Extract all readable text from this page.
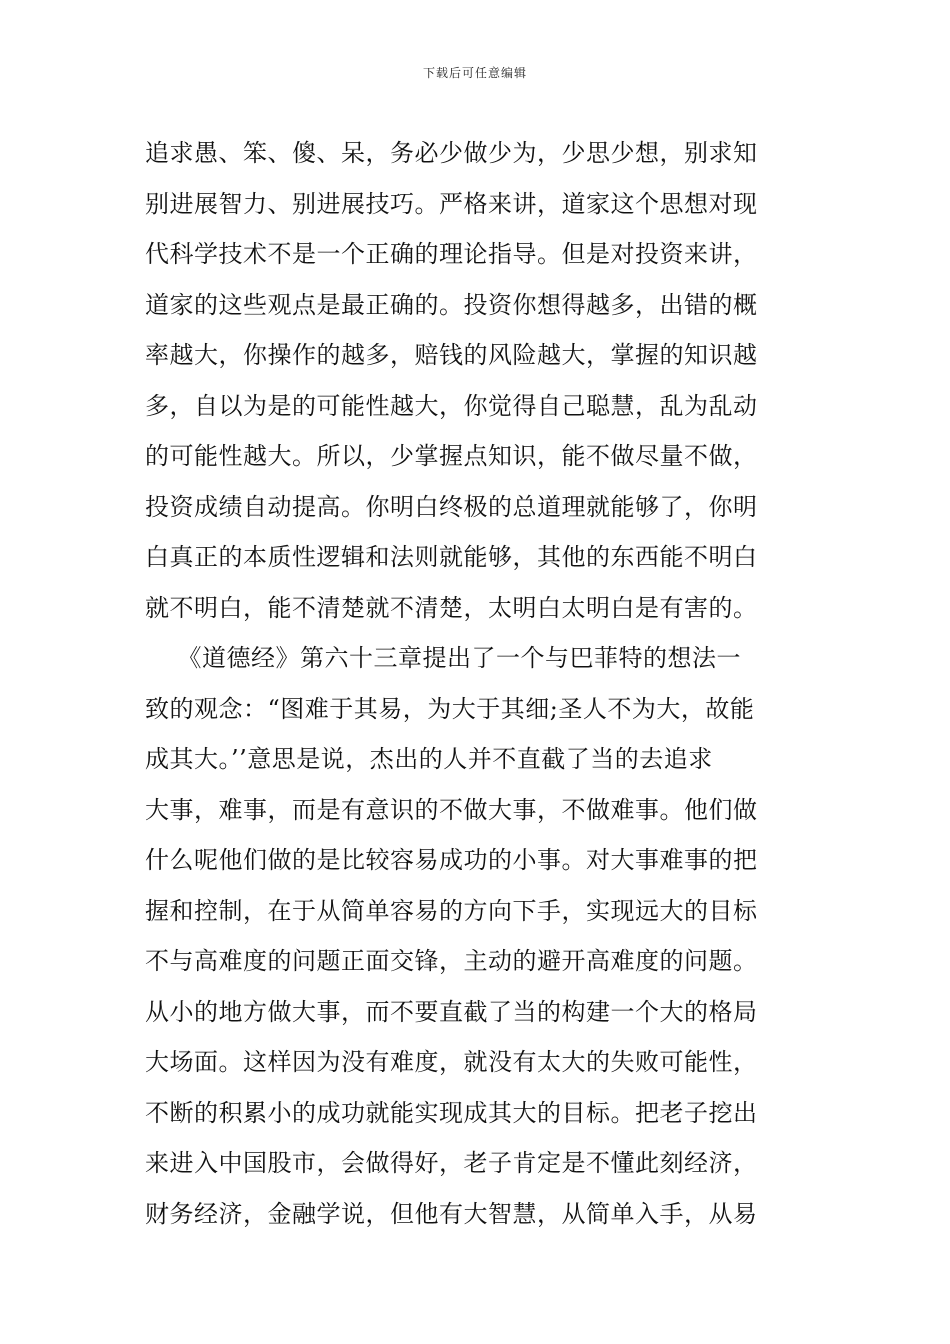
下载后可任意编辑
追求愚、笨、傻、呆，务必少做少为，少思少想，别求知
别进展智力、别进展技巧。严格来讲，道家这个思想对现
代科学技术不是一个正确的理论指导。但是对投资来讲，
道家的这些观点是最正确的。投资你想得越多，出错的概
率越大，你操作的越多，赔钱的风险越大，掌握的知识越
多，自以为是的可能性越大，你觉得自己聪慧，乱为乱动
的可能性越大。所以，少掌握点知识，能不做尽量不做，
投资成绩自动提高。你明白终极的总道理就能够了，你明
白真正的本质性逻辑和法则就能够，其他的东西能不明白
就不明白，能不清楚就不清楚，太明白太明白是有害的。
《道德经》第六十三章提出了一个与巴菲特的想法一
致的观念：“图难于其易，为大于其细;圣人不为大，故能
成其大。’’意思是说，杰出的人并不直截了当的去追求
大事，难事，而是有意识的不做大事，不做难事。他们做
什么呢他们做的是比较容易成功的小事。对大事难事的把
握和控制，在于从简单容易的方向下手，实现远大的目标
不与高难度的问题正面交锋，主动的避开高难度的问题。
从小的地方做大事，而不要直截了当的构建一个大的格局
大场面。这样因为没有难度，就没有太大的失败可能性，
不断的积累小的成功就能实现成其大的目标。把老子挖出
来进入中国股市，会做得好，老子肯定是不懂此刻经济，
财务经济，金融学说，但他有大智慧，从简单入手，从易
